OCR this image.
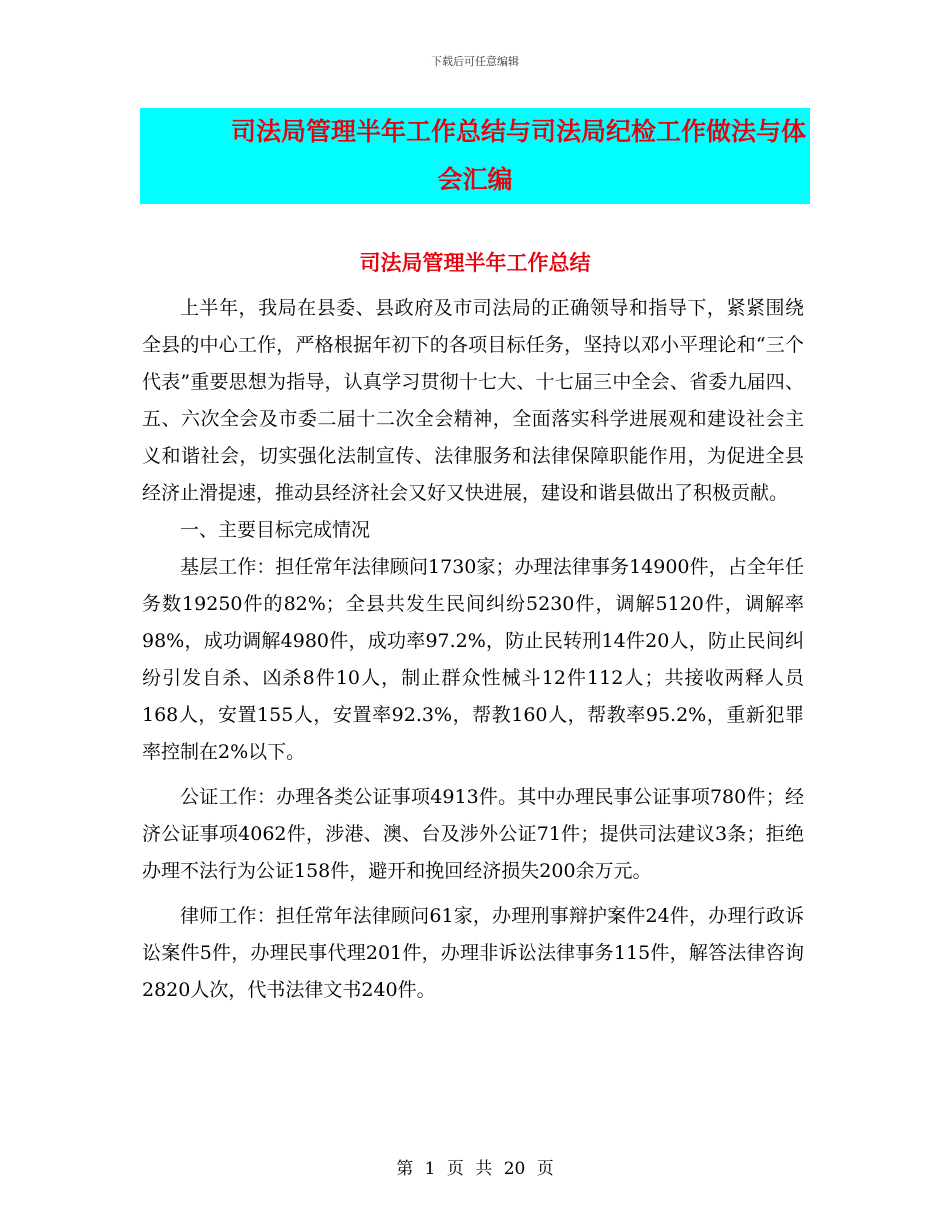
下载后可任意编辑
司法局管理半年工作总结与司法局纪检工作做法与体
会汇编
司法局管理半年工作总结

上半年，我局在县委、县政府及市司法局的正确领导和指导下，紧紧围绕全县的中心工作，严格根据年初下的各项目标任务，坚持以邓小平理论和“三个代表”重要思想为指导，认真学习贯彻十七大、十七届三中全会、省委九届四、五、六次全会及市委二届十二次全会精神，全面落实科学进展观和建设社会主义和谐社会，切实强化法制宣传、法律服务和法律保障职能作用，为促进全县经济止滑提速，推动县经济社会又好又快进展，建设和谐县做出了积极贡献。

一、主要目标完成情况

基层工作：担任常年法律顾问1730家；办理法律事务14900件，占全年任务数19250件的82%；全县共发生民间纠纷5230件，调解5120件，调解率98%，成功调解4980件，成功率97.2%，防止民转刑14件20人，防止民间纠纷引发自杀、凶杀8件10人，制止群众性械斗12件112人；共接收两释人员168人，安置155人，安置率92.3%，帮教160人，帮教率95.2%，重新犯罪率控制在2%以下。

公证工作：办理各类公证事项4913件。其中办理民事公证事项780件；经济公证事项4062件，涉港、澳、台及涉外公证71件；提供司法建议3条；拒绝办理不法行为公证158件，避开和挽回经济损失200余万元。

律师工作：担任常年法律顾问61家，办理刑事辩护案件24件，办理行政诉讼案件5件，办理民事代理201件，办理非诉讼法律事务115件，解答法律咨询2820人次，代书法律文书240件。

第 1 页 共 20 页
